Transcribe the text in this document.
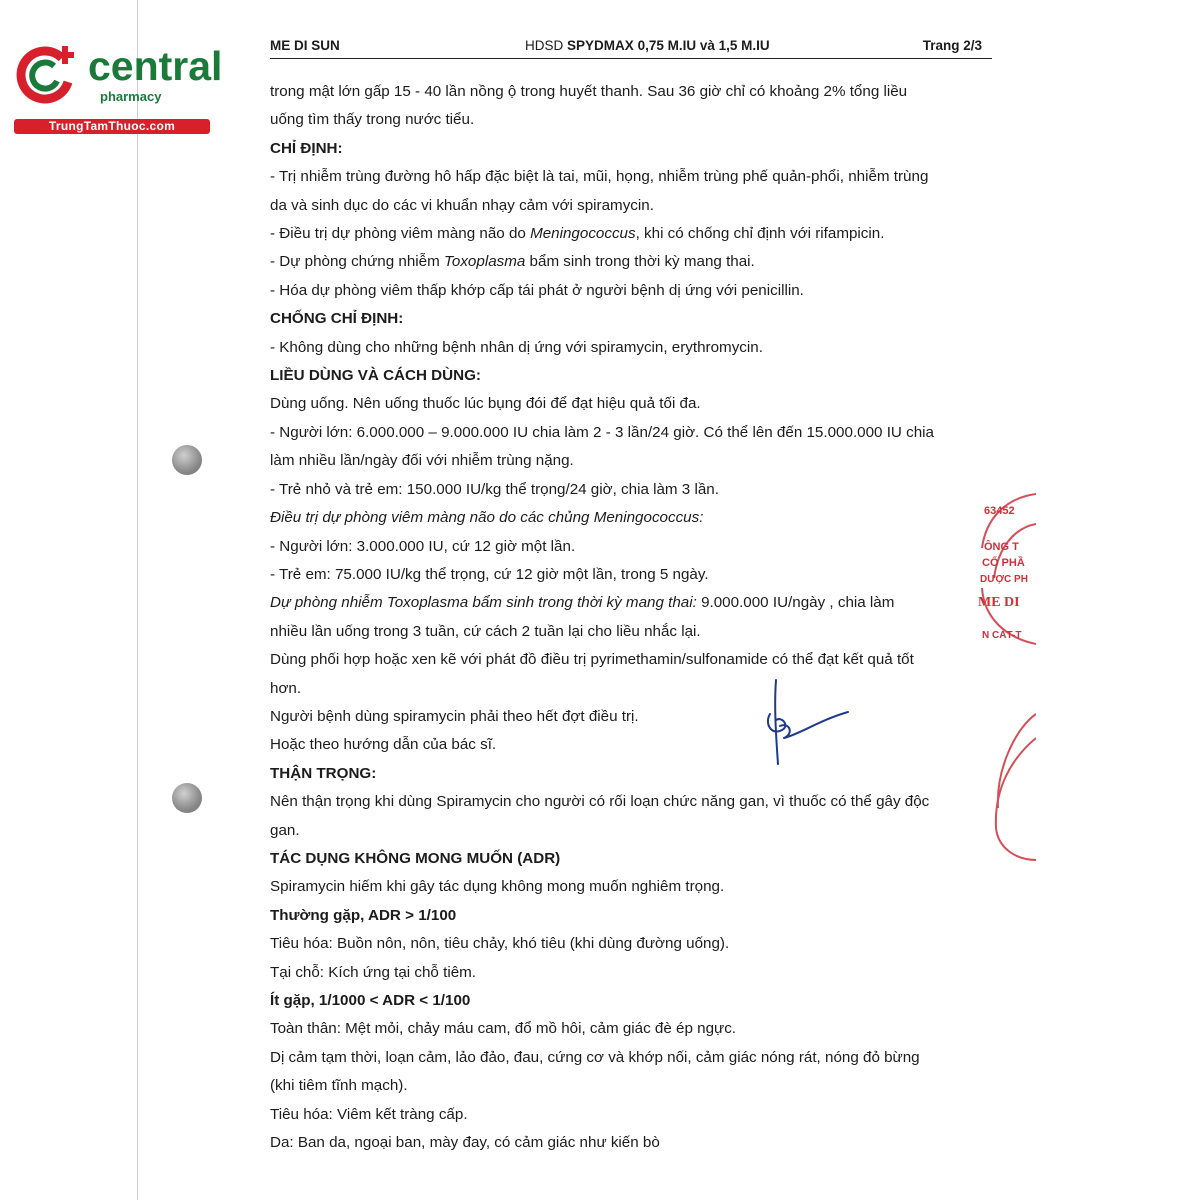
central
pharmacy
TrungTamThuoc.com
ME DI SUN	HDSD SPYDMAX 0,75 M.IU và 1,5 M.IU	Trang 2/3

trong mật lớn gấp 15 - 40 lần nồng ộ trong huyết thanh. Sau 36 giờ chỉ có khoảng 2% tổng liều

uống tìm thấy trong nước tiểu.

CHỈ ĐỊNH:

- Trị nhiễm trùng đường hô hấp đặc biệt là tai, mũi, họng, nhiễm trùng phế quản-phổi, nhiễm trùng

da và sinh dục do các vi khuẩn nhạy cảm với spiramycin.

- Điều trị dự phòng viêm màng não do Meningococcus, khi có chống chỉ định với rifampicin.

- Dự phòng chứng nhiễm Toxoplasma bẩm sinh trong thời kỳ mang thai.

- Hóa dự phòng viêm thấp khớp cấp tái phát ở người bệnh dị ứng với penicillin.

CHỐNG CHỈ ĐỊNH:

- Không dùng cho những bệnh nhân dị ứng với spiramycin, erythromycin.

LIỀU DÙNG VÀ CÁCH DÙNG:

Dùng uống. Nên uống thuốc lúc bụng đói để đạt hiệu quả tối đa.

- Người lớn: 6.000.000 – 9.000.000 IU chia làm 2 - 3 lần/24 giờ. Có thể lên đến 15.000.000 IU chia

làm nhiều lần/ngày đối với nhiễm trùng nặng.

- Trẻ nhỏ và trẻ em: 150.000 IU/kg thể trọng/24 giờ, chia làm 3 lần.

Điều trị dự phòng viêm màng não do các chủng Meningococcus:

- Người lớn: 3.000.000 IU, cứ 12 giờ một lần.

- Trẻ em: 75.000 IU/kg thể trọng, cứ 12 giờ một lần, trong 5 ngày.

Dự phòng nhiễm Toxoplasma bẩm sinh trong thời kỳ mang thai: 9.000.000 IU/ngày , chia làm

nhiều lần uống trong 3 tuần, cứ cách 2 tuần lại cho liều nhắc lại.

Dùng phối hợp hoặc xen kẽ với phát đồ điều trị pyrimethamin/sulfonamide có thể đạt kết quả tốt

hơn.

Người bệnh dùng spiramycin phải theo hết đợt điều trị.

Hoặc theo hướng dẫn của bác sĩ.

THẬN TRỌNG:

Nên thận trọng khi dùng Spiramycin cho người có rối loạn chức năng gan, vì thuốc có thể gây độc

gan.

TÁC DỤNG KHÔNG MONG MUỐN (ADR)

Spiramycin hiếm khi gây tác dụng không mong muốn nghiêm trọng.

Thường gặp, ADR > 1/100

Tiêu hóa: Buồn nôn, nôn, tiêu chảy, khó tiêu (khi dùng đường uống).

Tại chỗ: Kích ứng tại chỗ tiêm.

Ít gặp, 1/1000 < ADR < 1/100

Toàn thân: Mệt mỏi, chảy máu cam, đổ mồ hôi, cảm giác đè ép ngực.

Dị cảm tạm thời, loạn cảm, lảo đảo, đau, cứng cơ và khớp nối, cảm giác nóng rát, nóng đỏ bừng

(khi tiêm tĩnh mạch).

Tiêu hóa: Viêm kết tràng cấp.

Da: Ban da, ngoại ban, mày đay, có cảm giác như kiến bò

63452
ÔNG T
CỔ PHẦ
DƯỢC PH
ME DI
N CÁT-T
